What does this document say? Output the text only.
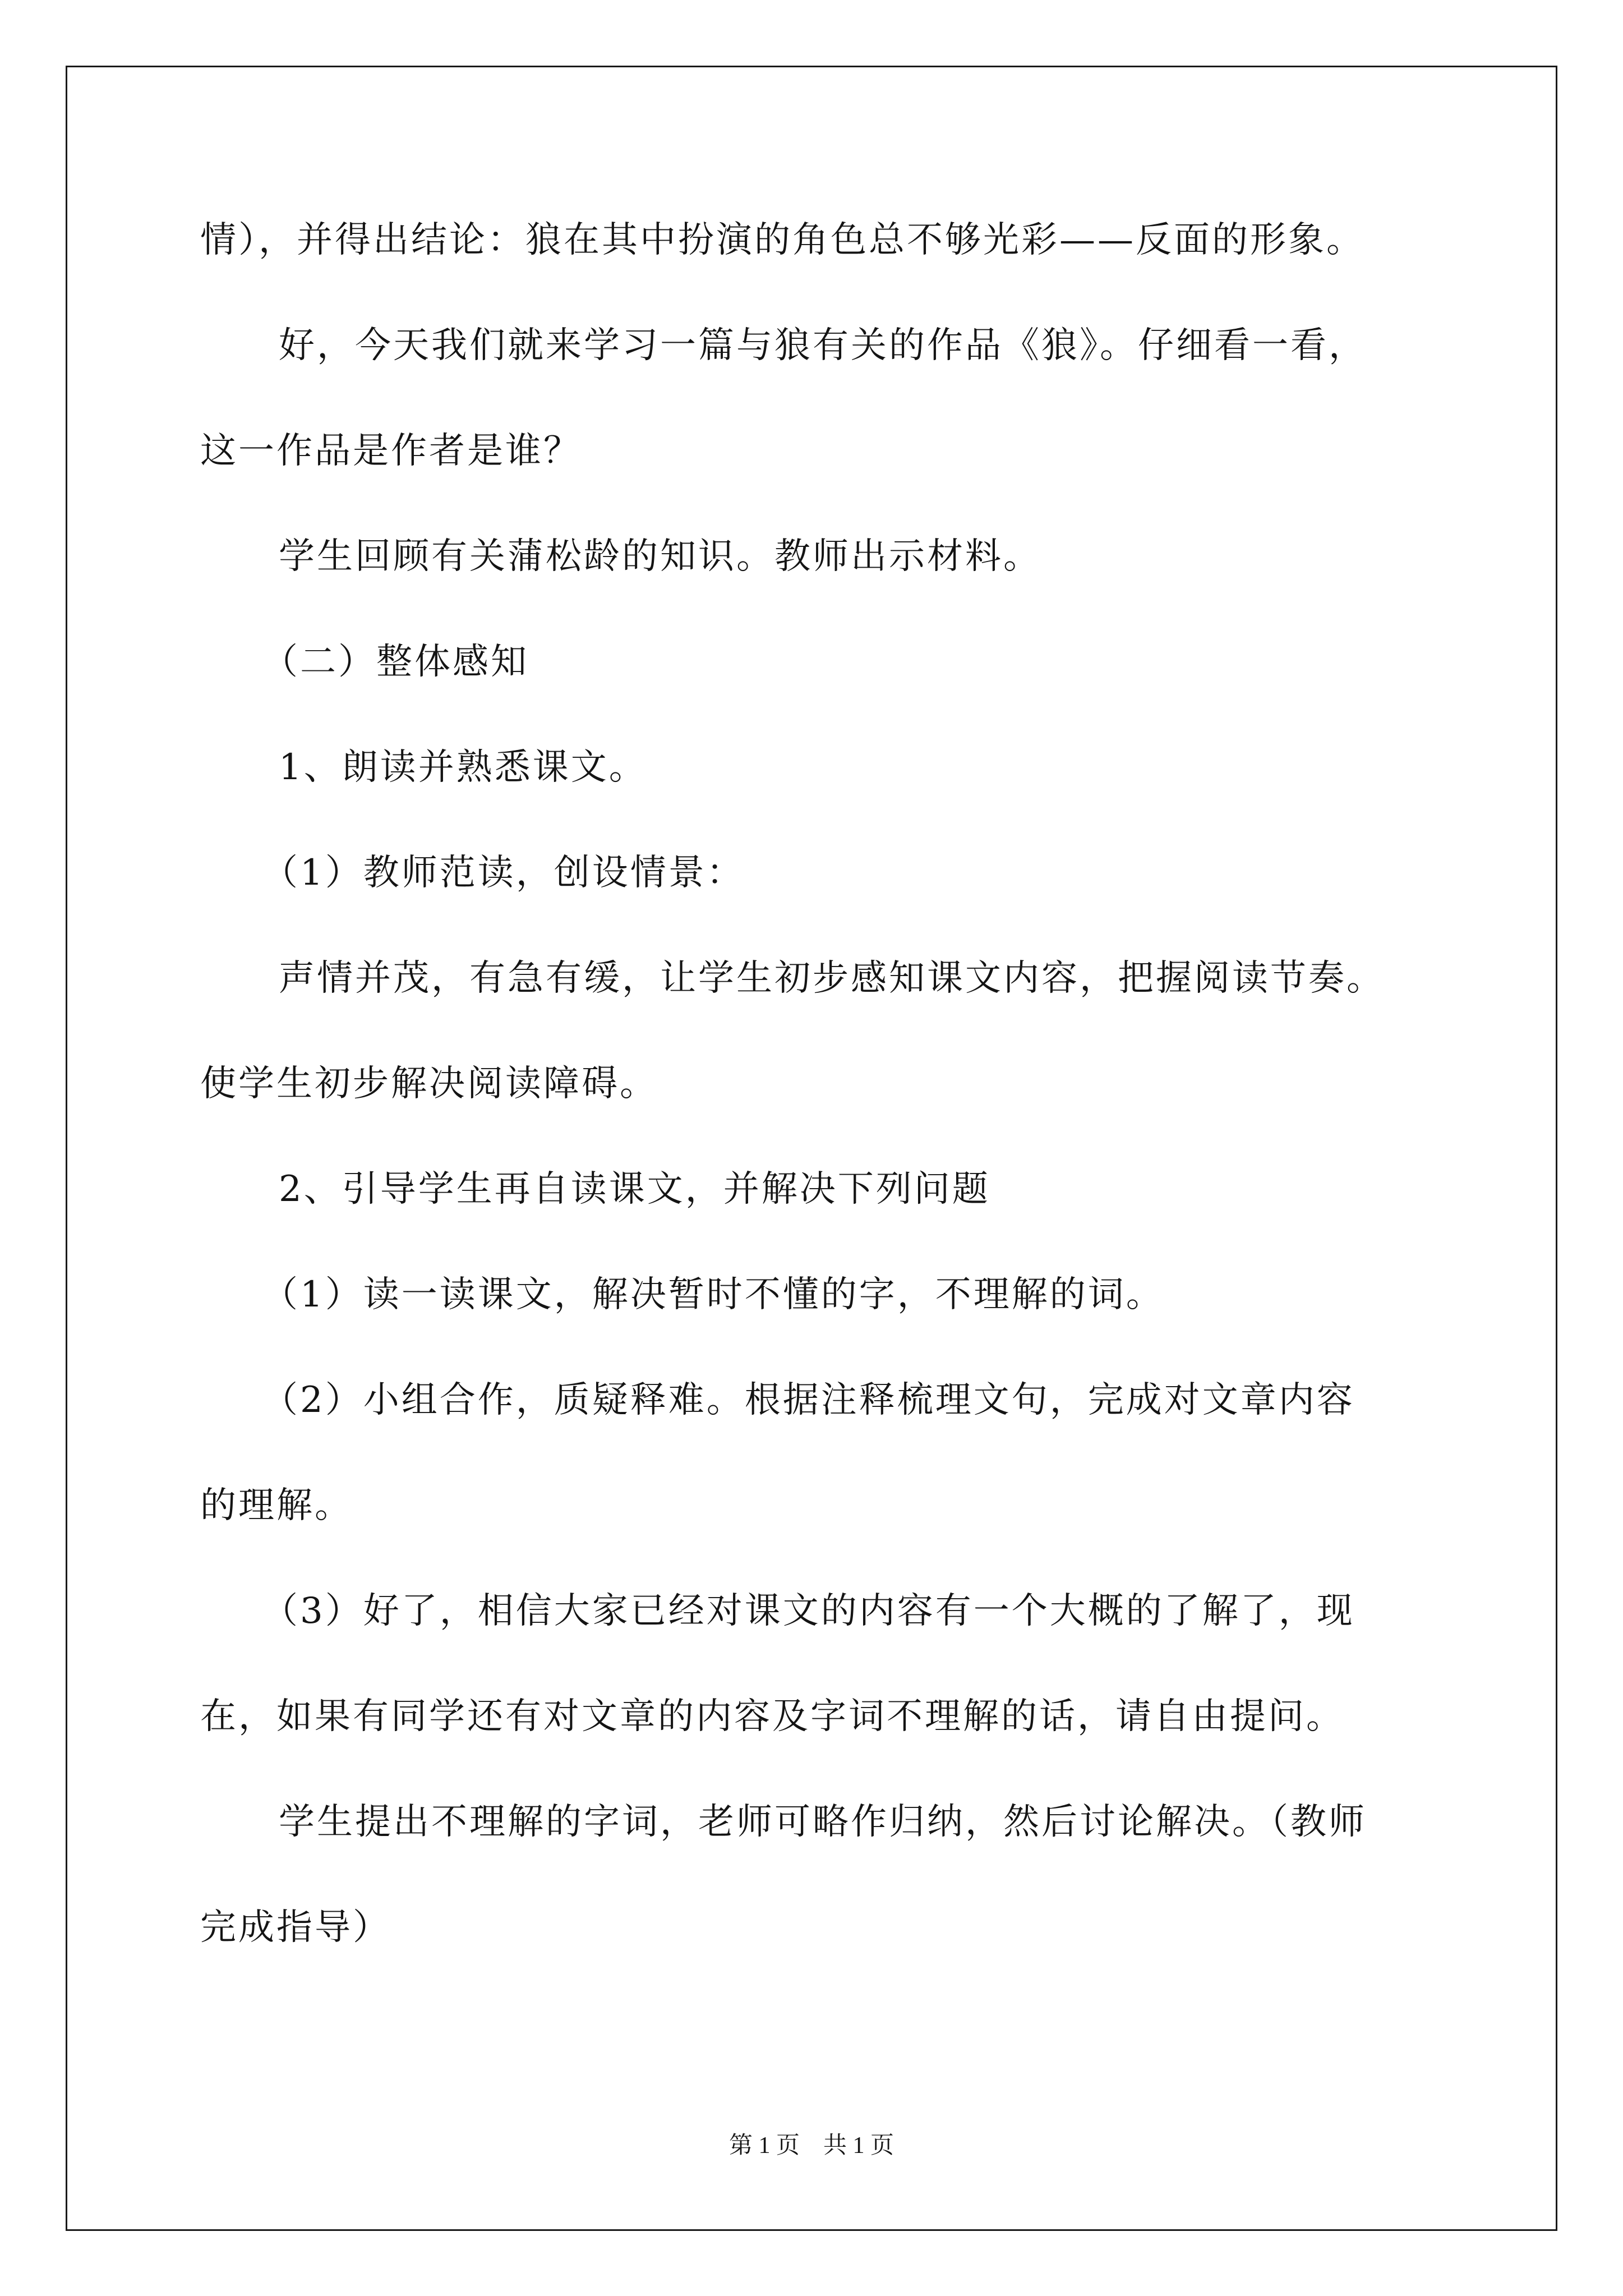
情），并得出结论：狼在其中扮演的角色总不够光彩——反面的形象。
好，今天我们就来学习一篇与狼有关的作品《狼》。仔细看一看，
这一作品是作者是谁？
学生回顾有关蒲松龄的知识。教师出示材料。
（二）整体感知
1、朗读并熟悉课文。
（1）教师范读，创设情景：
声情并茂，有急有缓，让学生初步感知课文内容，把握阅读节奏。
使学生初步解决阅读障碍。
2、引导学生再自读课文，并解决下列问题
（1）读一读课文，解决暂时不懂的字，不理解的词。
（2）小组合作，质疑释难。根据注释梳理文句，完成对文章内容
的理解。
（3）好了，相信大家已经对课文的内容有一个大概的了解了，现
在，如果有同学还有对文章的内容及字词不理解的话，请自由提问。
学生提出不理解的字词，老师可略作归纳，然后讨论解决。（教师
完成指导）
第 1 页    共 1 页
